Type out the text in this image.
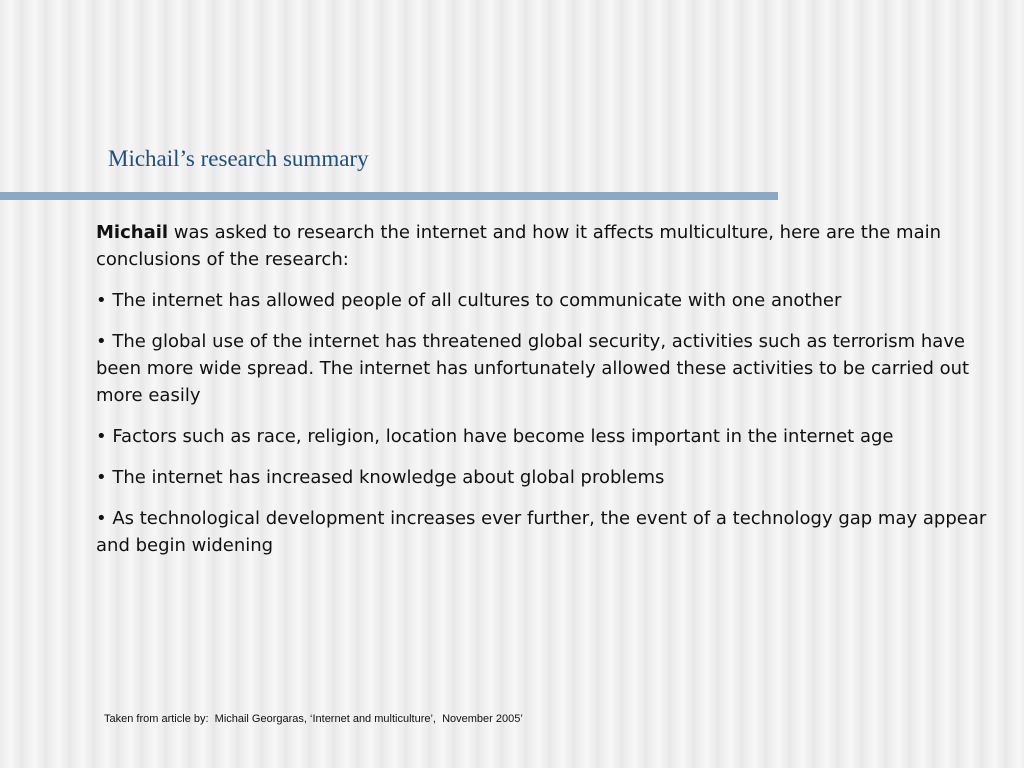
Michail’s research summary

Michail was asked to research the internet and how it affects multiculture, here are the main conclusions of the research:

• The internet has allowed people of all cultures to communicate with one another

• The global use of the internet has threatened global security, activities such as terrorism have been more wide spread. The internet has unfortunately allowed these activities to be carried out more easily

• Factors such as race, religion, location have become less important in the internet age

• The internet has increased knowledge about global problems

• As technological development increases ever further, the event of a technology gap may appear and begin widening

Taken from article by:  Michail Georgaras, ‘Internet and multiculture’,  November 2005’
